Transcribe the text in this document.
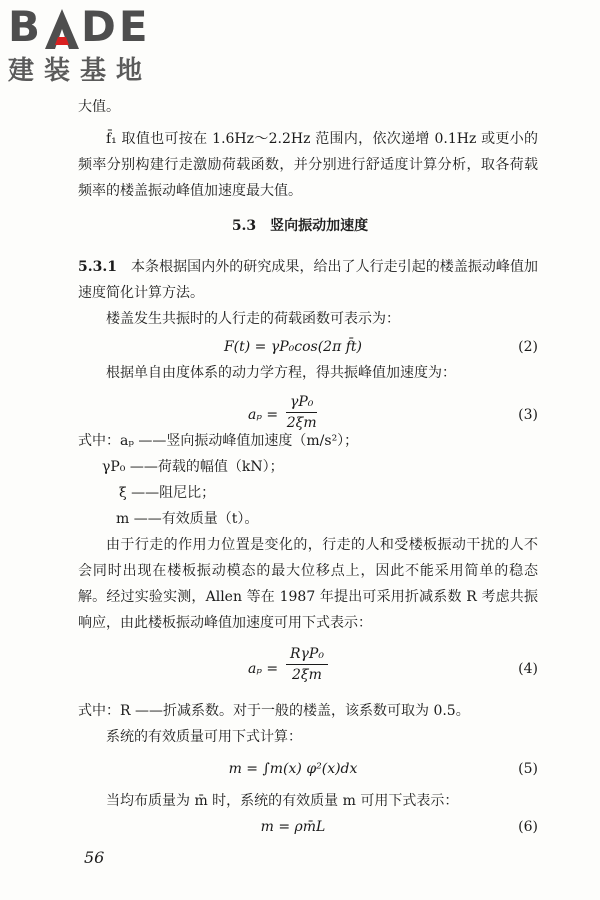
B DE
建装基地
大值。
f̄₁ 取值也可按在 1.6Hz～2.2Hz 范围内，依次递增 0.1Hz 或更小的频率分别构建行走激励荷载函数，并分别进行舒适度计算分析，取各荷载频率的楼盖振动峰值加速度最大值。
5.3　竖向振动加速度
5.3.1  本条根据国内外的研究成果，给出了人行走引起的楼盖振动峰值加速度简化计算方法。
楼盖发生共振时的人行走的荷载函数可表示为：
F(t) = γP₀cos(2π f̄t)	(2)
根据单自由度体系的动力学方程，得共振峰值加速度为：
$a_p = \frac{\text{γP₀}}{2\xi m}$	(3)
式中：aₚ ——竖向振动峰值加速度（m/s²）；
γP₀ ——荷载的幅值（kN）；
ξ ——阻尼比；
m ——有效质量（t）。
由于行走的作用力位置是变化的，行走的人和受楼板振动干扰的人不会同时出现在楼板振动模态的最大位移点上，因此不能采用简单的稳态解。经过实验实测，Allen 等在 1987 年提出可采用折减系数 R 考虑共振响应，由此楼板振动峰值加速度可用下式表示：
aₚ =
RγP₀
2ξm	(4)
式中：R ——折减系数。对于一般的楼盖，该系数可取为 0.5。
系统的有效质量可用下式计算：
m = ∫m(x) φ²(x)dx	(5)
当均布质量为 m̄ 时，系统的有效质量 m 可用下式表示：
m = ρm̄L	(6)
56
